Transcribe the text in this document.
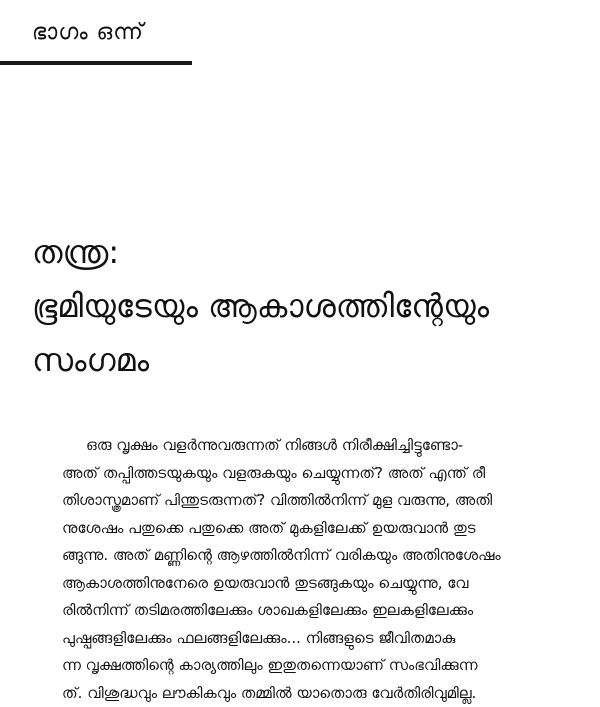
ഭാഗം ഒന്ന്
തന്ത്ര:
ഭൂമിയുടേയും ആകാശത്തിന്റേയും
സംഗമം

ഒരു വൃക്ഷം വളർന്നുവരുന്നത് നിങ്ങൾ നിരീക്ഷിച്ചിട്ടുണ്ടോ-
അത് തപ്പിത്തടയുകയും വളരുകയും ചെയ്യുന്നത്? അത് എന്ത് രീ
തിശാസ്ത്രമാണ് പിന്തുടരുന്നത്? വിത്തിൽനിന്ന് മുള വരുന്നു, അതി
നുശേഷം പതുക്കെ പതുക്കെ അത് മുകളിലേക്ക് ഉയരുവാൻ തുട
ങ്ങുന്നു. അത് മണ്ണിന്റെ ആഴത്തിൽനിന്ന് വരികയും അതിനുശേഷം
ആകാശത്തിനുനേരെ ഉയരുവാൻ തുടങ്ങുകയും ചെയ്യുന്നു, വേ
രിൽനിന്ന് തടിമരത്തിലേക്കും ശാഖകളിലേക്കും ഇലകളിലേക്കും
പുഷ്പങ്ങളിലേക്കും ഫലങ്ങളിലേക്കും... നിങ്ങളുടെ ജീവിതമാകു
ന്ന വൃക്ഷത്തിന്റെ കാര്യത്തിലും ഇതുതന്നെയാണ് സംഭവിക്കുന്ന
ത്. വിശുദ്ധവും ലൗകികവും തമ്മിൽ യാതൊരു വേർതിരിവുമില്ല.
